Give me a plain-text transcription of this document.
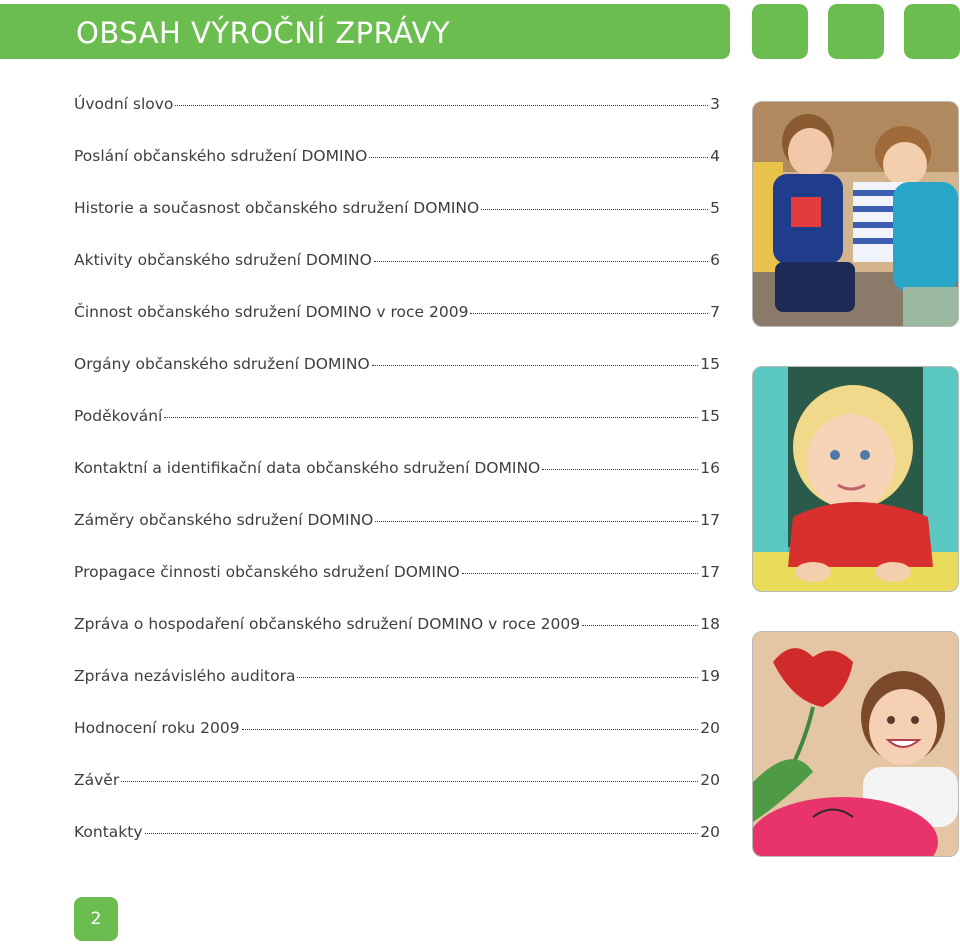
OBSAH VÝROČNÍ ZPRÁVY
Úvodní slovo	3
Poslání občanského sdružení DOMINO	4
Historie a současnost občanského sdružení DOMINO	5
Aktivity občanského sdružení DOMINO	6
Činnost občanského sdružení DOMINO v roce 2009	7
Orgány občanského sdružení DOMINO	15
Poděkování	15
Kontaktní a identifikační data občanského sdružení DOMINO	16
Záměry občanského sdružení DOMINO	17
Propagace činnosti občanského sdružení DOMINO	17
Zpráva o hospodaření občanského sdružení DOMINO v roce 2009	18
Zpráva nezávislého auditora	19
Hodnocení roku 2009	20
Závěr	20
Kontakty	20
2
